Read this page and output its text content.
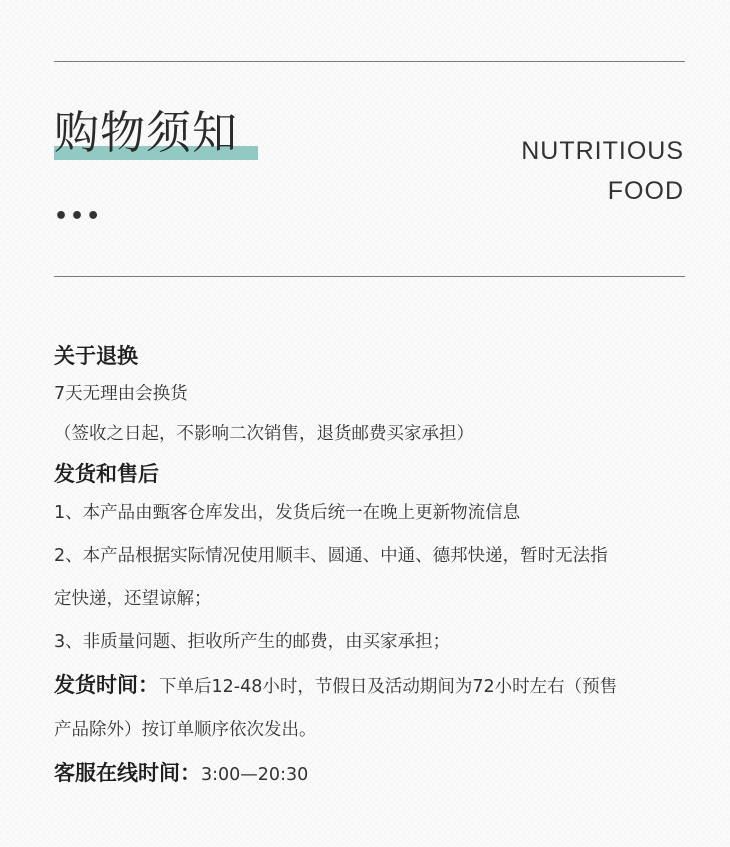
购物须知
•••
NUTRITIOUS
FOOD

关于退换

7天无理由会换货

（签收之日起，不影响二次销售，退货邮费买家承担）

发货和售后

1、本产品由甄客仓库发出，发货后统一在晚上更新物流信息

2、本产品根据实际情况使用顺丰、圆通、中通、德邦快递，暂时无法指

定快递，还望谅解；

3、非质量问题、拒收所产生的邮费，由买家承担；

发货时间：下单后12-48小时，节假日及活动期间为72小时左右（预售

产品除外）按订单顺序依次发出。

客服在线时间：3:00—20:30
